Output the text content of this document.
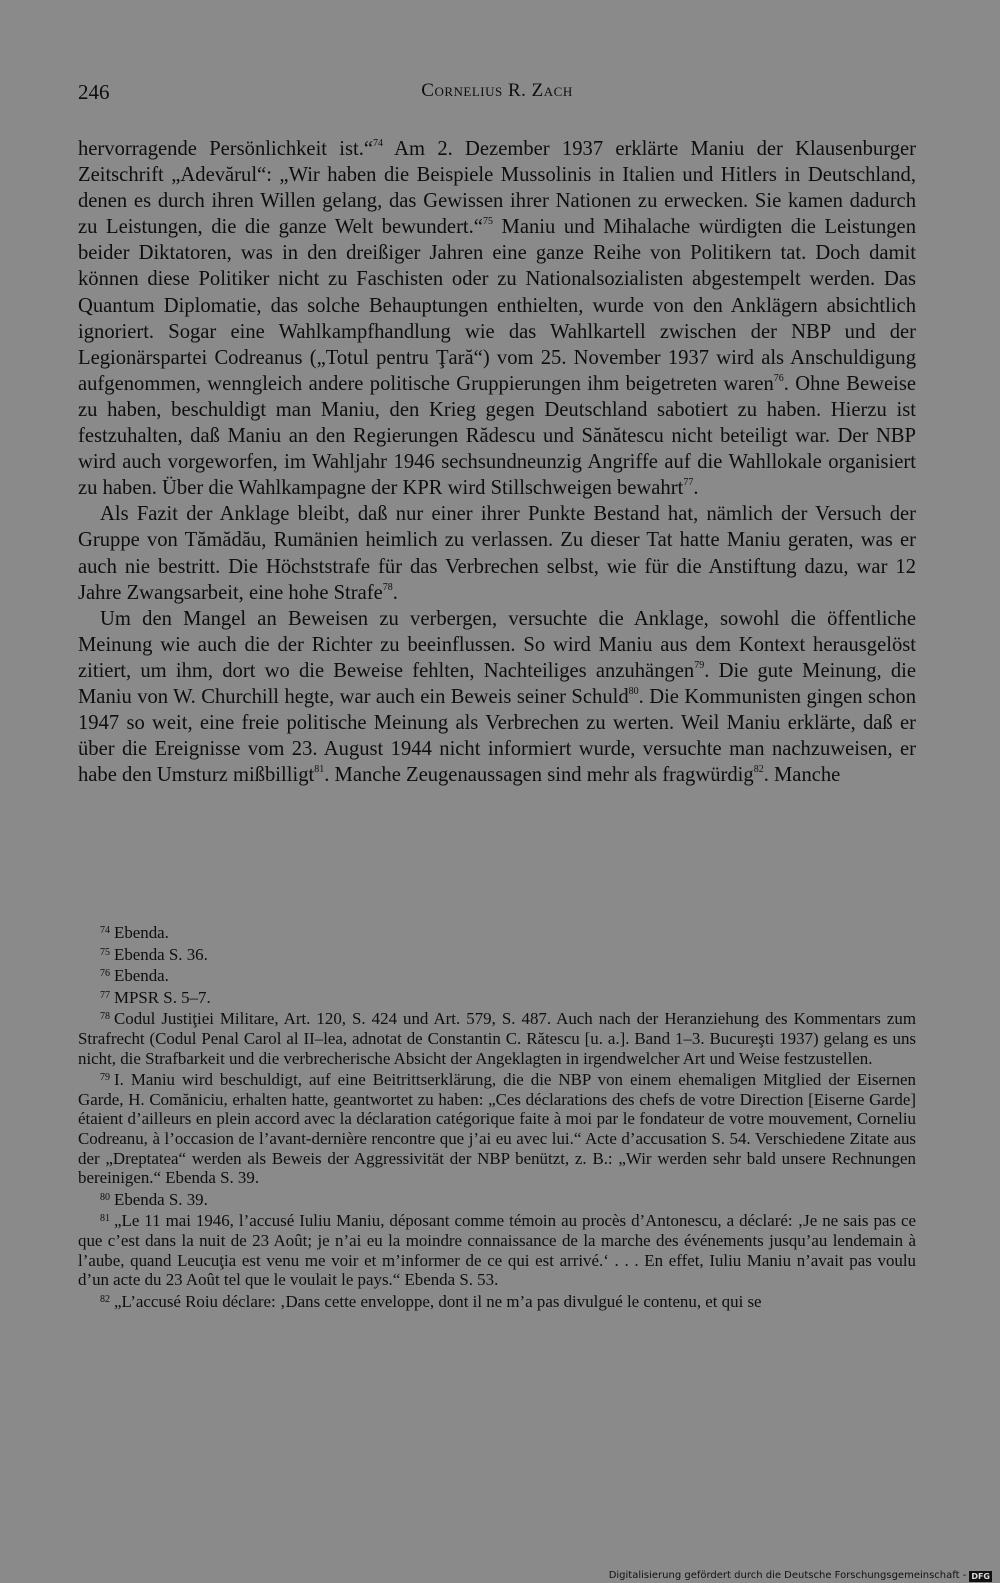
246	Cornelius R. Zach

hervorragende Persönlichkeit ist.“$^{74}$ Am 2. Dezember 1937 erklärte Maniu der Klausenburger Zeitschrift „Adevărul“: „Wir haben die Beispiele Mussolinis in Italien und Hitlers in Deutschland, denen es durch ihren Willen gelang, das Gewissen ihrer Nationen zu erwecken. Sie kamen dadurch zu Leistungen, die die ganze Welt bewundert.“$^{75}$ Maniu und Mihalache würdigten die Leistungen beider Diktatoren, was in den dreißiger Jahren eine ganze Reihe von Politikern tat. Doch damit können diese Politiker nicht zu Faschisten oder zu Nationalsozialisten abgestempelt werden. Das Quantum Diplomatie, das solche Behauptungen enthielten, wurde von den Anklägern absichtlich ignoriert. Sogar eine Wahlkampfhandlung wie das Wahlkartell zwischen der NBP und der Legionärspartei Codreanus („Totul pentru Ţară“) vom 25. November 1937 wird als Anschuldigung aufgenommen, wenngleich andere politische Gruppierungen ihm beigetreten waren$^{76}$. Ohne Beweise zu haben, beschuldigt man Maniu, den Krieg gegen Deutschland sabotiert zu haben. Hierzu ist festzuhalten, daß Maniu an den Regierungen Rădescu und Sănătescu nicht beteiligt war. Der NBP wird auch vorgeworfen, im Wahljahr 1946 sechsundneunzig Angriffe auf die Wahllokale organisiert zu haben. Über die Wahlkampagne der KPR wird Stillschweigen bewahrt$^{77}$.

Als Fazit der Anklage bleibt, daß nur einer ihrer Punkte Bestand hat, nämlich der Versuch der Gruppe von Tămădău, Rumänien heimlich zu verlassen. Zu dieser Tat hatte Maniu geraten, was er auch nie bestritt. Die Höchststrafe für das Verbrechen selbst, wie für die Anstiftung dazu, war 12 Jahre Zwangsarbeit, eine hohe Strafe$^{78}$.

Um den Mangel an Beweisen zu verbergen, versuchte die Anklage, sowohl die öffentliche Meinung wie auch die der Richter zu beeinflussen. So wird Maniu aus dem Kontext herausgelöst zitiert, um ihm, dort wo die Beweise fehlten, Nachteiliges anzuhängen$^{79}$. Die gute Meinung, die Maniu von W. Churchill hegte, war auch ein Beweis seiner Schuld$^{80}$. Die Kommunisten gingen schon 1947 so weit, eine freie politische Meinung als Verbrechen zu werten. Weil Maniu erklärte, daß er über die Ereignisse vom 23. August 1944 nicht informiert wurde, versuchte man nachzuweisen, er habe den Umsturz mißbilligt$^{81}$. Manche Zeugenaussagen sind mehr als fragwürdig$^{82}$. Manche

$^{74}$ Ebenda.

$^{75}$ Ebenda S. 36.

$^{76}$ Ebenda.

$^{77}$ MPSR S. 5–7.

$^{78}$ Codul Justiţiei Militare, Art. 120, S. 424 und Art. 579, S. 487. Auch nach der Heranziehung des Kommentars zum Strafrecht (Codul Penal Carol al II–lea, adnotat de Constantin C. Rătescu [u. a.]. Band 1–3. Bucureşti 1937) gelang es uns nicht, die Strafbarkeit und die verbrecherische Absicht der Angeklagten in irgendwelcher Art und Weise festzustellen.

$^{79}$ I. Maniu wird beschuldigt, auf eine Beitrittserklärung, die die NBP von einem ehemaligen Mitglied der Eisernen Garde, H. Comăniciu, erhalten hatte, geantwortet zu haben: „Ces déclarations des chefs de votre Direction [Eiserne Garde] étaient d’ailleurs en plein accord avec la déclaration catégorique faite à moi par le fondateur de votre mouvement, Corneliu Codreanu, à l’occasion de l’avant-dernière rencontre que j’ai eu avec lui.“ Acte d’accusation S. 54. Verschiedene Zitate aus der „Dreptatea“ werden als Beweis der Aggressivität der NBP benützt, z. B.: „Wir werden sehr bald unsere Rechnungen bereinigen.“ Ebenda S. 39.

$^{80}$ Ebenda S. 39.

$^{81}$ „Le 11 mai 1946, l’accusé Iuliu Maniu, déposant comme témoin au procès d’Antonescu, a déclaré: ‚Je ne sais pas ce que c’est dans la nuit de 23 Août; je n’ai eu la moindre connaissance de la marche des événements jusqu’au lendemain à l’aube, quand Leucuţia est venu me voir et m’informer de ce qui est arrivé.‘ . . . En effet, Iuliu Maniu n’avait pas voulu d’un acte du 23 Août tel que le voulait le pays.“ Ebenda S. 53.

$^{82}$ „L’accusé Roiu déclare: ‚Dans cette enveloppe, dont il ne m’a pas divulgué le contenu, et qui se

Digitalisierung gefördert durch die Deutsche Forschungsgemeinschaft - DFG
